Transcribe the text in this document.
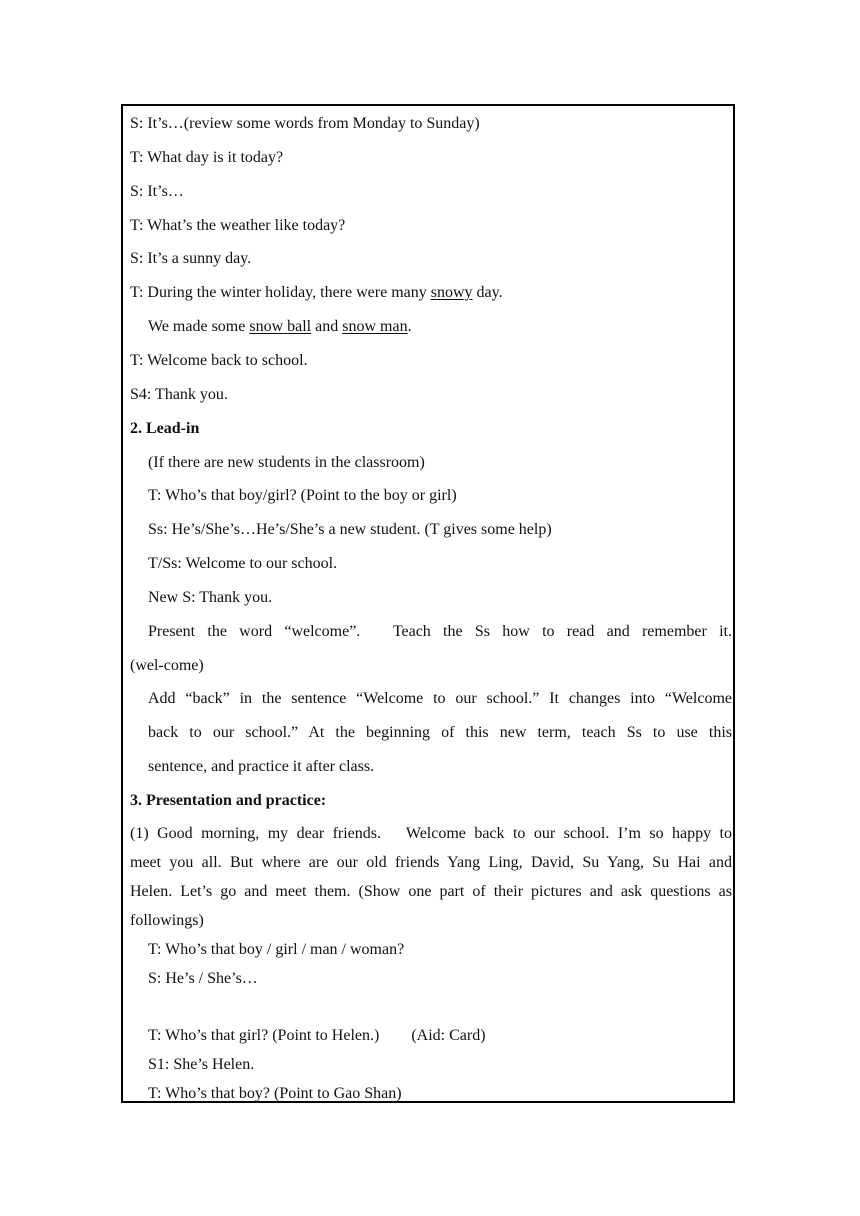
S: It’s…(review some words from Monday to Sunday)
T: What day is it today?
S: It’s…
T: What’s the weather like today?
S: It’s a sunny day.
T: During the winter holiday, there were many snowy day.
We made some snow ball and snow man.
T: Welcome back to school.
S4: Thank you.
2. Lead-in
(If there are new students in the classroom)
T: Who’s that boy/girl? (Point to the boy or girl)
Ss: He’s/She’s…He’s/She’s a new student. (T gives some help)
T/Ss: Welcome to our school.
New S: Thank you.
Present the word “welcome”.　Teach the Ss how to read and remember it.
(wel-come)
Add “back” in the sentence “Welcome to our school.” It changes into “Welcome
back to our school.” At the beginning of this new term, teach Ss to use this
sentence, and practice it after class.
3. Presentation and practice:
(1) Good morning, my dear friends.　Welcome back to our school. I’m so happy to
meet you all. But where are our old friends Yang Ling, David, Su Yang, Su Hai and
Helen. Let’s go and meet them. (Show one part of their pictures and ask questions as
followings)
T: Who’s that boy / girl / man / woman?
S: He’s / She’s…
T: Who’s that girl? (Point to Helen.)　　(Aid: Card)
S1: She’s Helen.
T: Who’s that boy? (Point to Gao Shan)
